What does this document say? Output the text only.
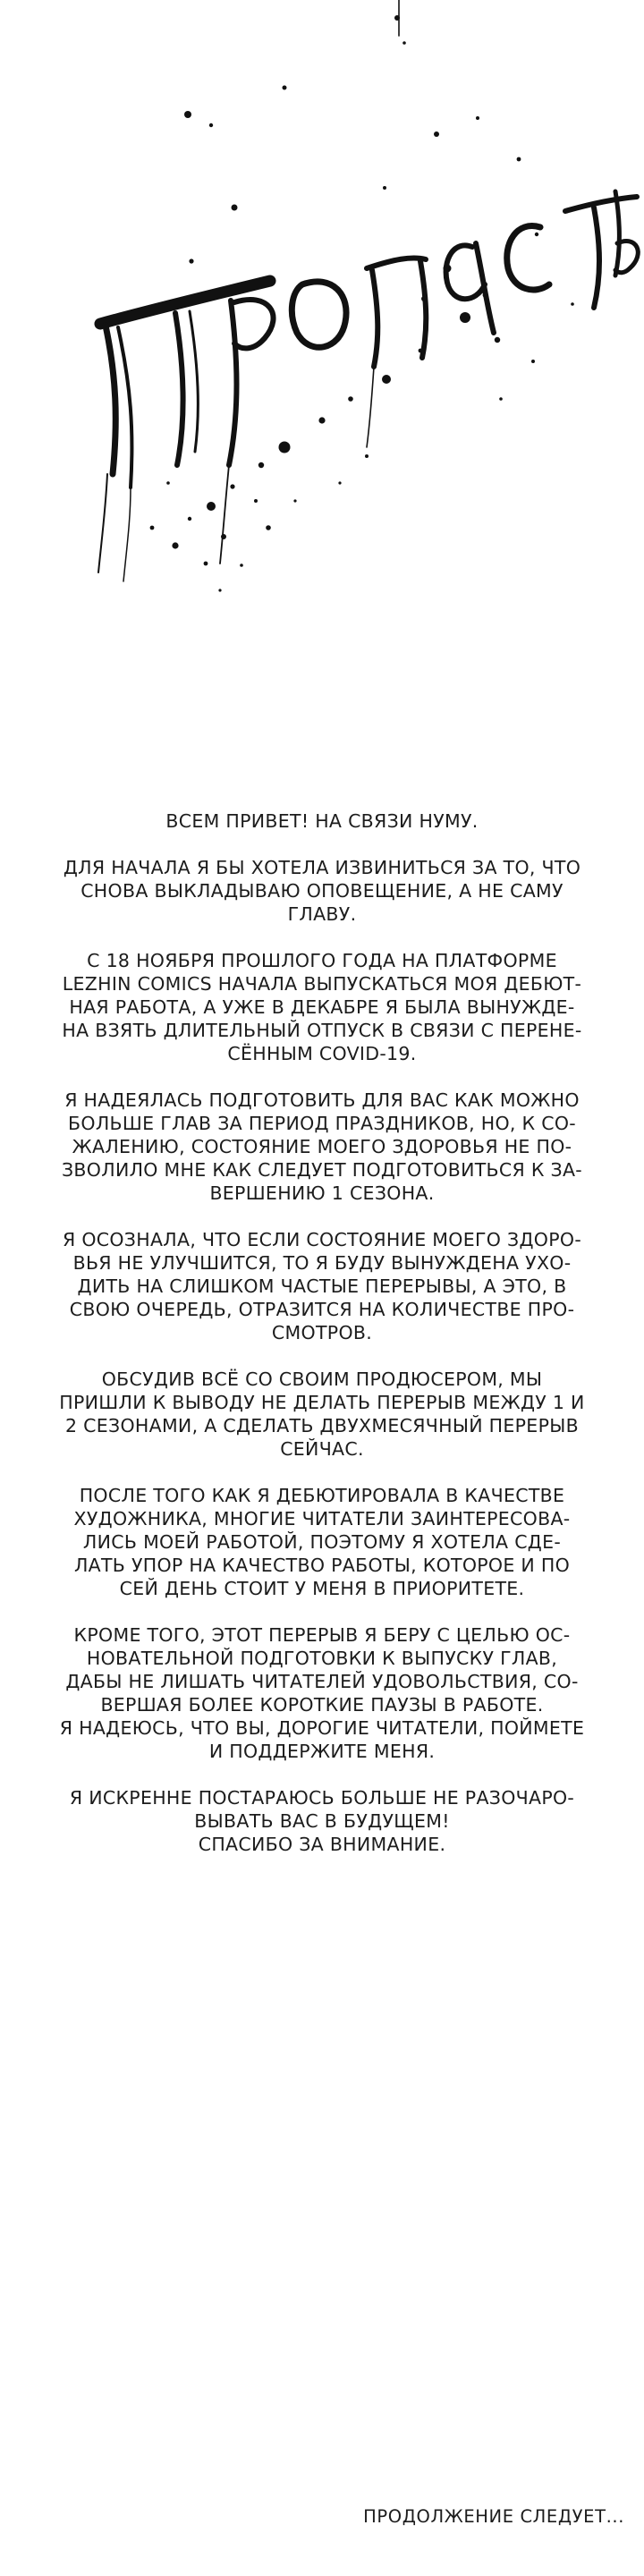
ВСЕМ ПРИВЕТ! НА СВЯЗИ НУМУ.

ДЛЯ НАЧАЛА Я БЫ ХОТЕЛА ИЗВИНИТЬСЯ ЗА ТО, ЧТО
СНОВА ВЫКЛАДЫВАЮ ОПОВЕЩЕНИЕ, А НЕ САМУ
ГЛАВУ.

С 18 НОЯБРЯ ПРОШЛОГО ГОДА НА ПЛАТФОРМЕ
LEZHIN COMICS НАЧАЛА ВЫПУСКАТЬСЯ МОЯ ДЕБЮТ-
НАЯ РАБОТА, А УЖЕ В ДЕКАБРЕ Я БЫЛА ВЫНУЖДЕ-
НА ВЗЯТЬ ДЛИТЕЛЬНЫЙ ОТПУСК В СВЯЗИ С ПЕРЕНЕ-
СЁННЫМ COVID-19.

Я НАДЕЯЛАСЬ ПОДГОТОВИТЬ ДЛЯ ВАС КАК МОЖНО
БОЛЬШЕ ГЛАВ ЗА ПЕРИОД ПРАЗДНИКОВ, НО, К СО-
ЖАЛЕНИЮ, СОСТОЯНИЕ МОЕГО ЗДОРОВЬЯ НЕ ПО-
ЗВОЛИЛО МНЕ КАК СЛЕДУЕТ ПОДГОТОВИТЬСЯ К ЗА-
ВЕРШЕНИЮ 1 СЕЗОНА.

Я ОСОЗНАЛА, ЧТО ЕСЛИ СОСТОЯНИЕ МОЕГО ЗДОРО-
ВЬЯ НЕ УЛУЧШИТСЯ, ТО Я БУДУ ВЫНУЖДЕНА УХО-
ДИТЬ НА СЛИШКОМ ЧАСТЫЕ ПЕРЕРЫВЫ, А ЭТО, В
СВОЮ ОЧЕРЕДЬ, ОТРАЗИТСЯ НА КОЛИЧЕСТВЕ ПРО-
СМОТРОВ.

ОБСУДИВ ВСЁ СО СВОИМ ПРОДЮСЕРОМ, МЫ
ПРИШЛИ К ВЫВОДУ НЕ ДЕЛАТЬ ПЕРЕРЫВ МЕЖДУ 1 И
2 СЕЗОНАМИ, А СДЕЛАТЬ ДВУХМЕСЯЧНЫЙ ПЕРЕРЫВ
СЕЙЧАС.

ПОСЛЕ ТОГО КАК Я ДЕБЮТИРОВАЛА В КАЧЕСТВЕ
ХУДОЖНИКА, МНОГИЕ ЧИТАТЕЛИ ЗАИНТЕРЕСОВА-
ЛИСЬ МОЕЙ РАБОТОЙ, ПОЭТОМУ Я ХОТЕЛА СДЕ-
ЛАТЬ УПОР НА КАЧЕСТВО РАБОТЫ, КОТОРОЕ И ПО
СЕЙ ДЕНЬ СТОИТ У МЕНЯ В ПРИОРИТЕТЕ.

КРОМЕ ТОГО, ЭТОТ ПЕРЕРЫВ Я БЕРУ С ЦЕЛЬЮ ОС-
НОВАТЕЛЬНОЙ ПОДГОТОВКИ К ВЫПУСКУ ГЛАВ,
ДАБЫ НЕ ЛИШАТЬ ЧИТАТЕЛЕЙ УДОВОЛЬСТВИЯ, СО-
ВЕРШАЯ БОЛЕЕ КОРОТКИЕ ПАУЗЫ В РАБОТЕ.
Я НАДЕЮСЬ, ЧТО ВЫ, ДОРОГИЕ ЧИТАТЕЛИ, ПОЙМЕТЕ
И ПОДДЕРЖИТЕ МЕНЯ.

Я ИСКРЕННЕ ПОСТАРАЮСЬ БОЛЬШЕ НЕ РАЗОЧАРО-
ВЫВАТЬ ВАС В БУДУЩЕМ!
СПАСИБО ЗА ВНИМАНИЕ.

ПРОДОЛЖЕНИЕ СЛЕДУЕТ...
